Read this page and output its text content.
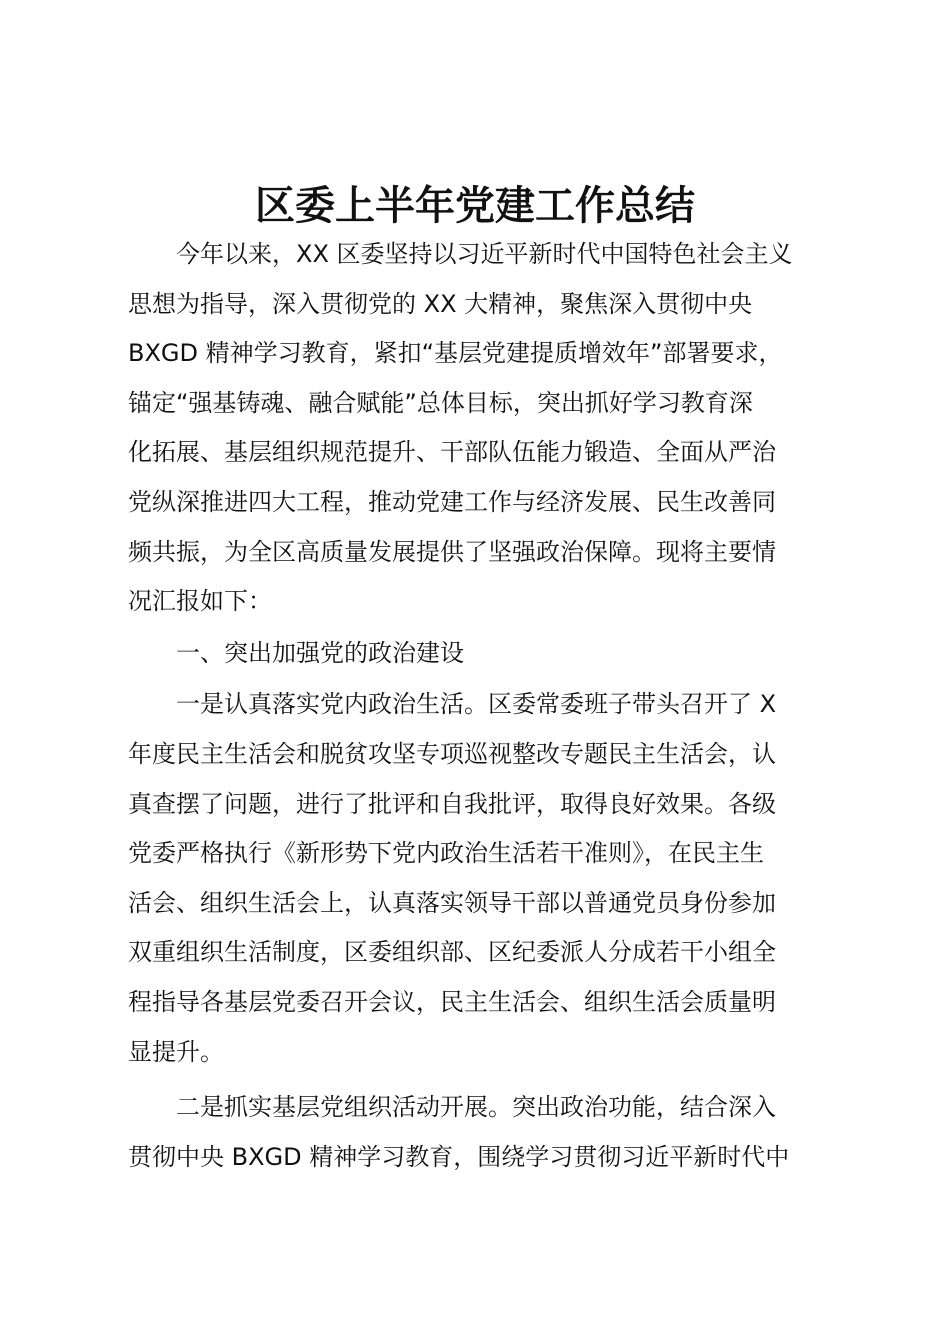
区委上半年党建工作总结

今年以来，XX 区委坚持以习近平新时代中国特色社会主义
思想为指导，深入贯彻党的 XX 大精神，聚焦深入贯彻中央
BXGD 精神学习教育，紧扣“基层党建提质增效年”部署要求，
锚定“强基铸魂、融合赋能”总体目标，突出抓好学习教育深
化拓展、基层组织规范提升、干部队伍能力锻造、全面从严治
党纵深推进四大工程，推动党建工作与经济发展、民生改善同
频共振，为全区高质量发展提供了坚强政治保障。现将主要情
况汇报如下：

一、突出加强党的政治建设

一是认真落实党内政治生活。区委常委班子带头召开了 X
年度民主生活会和脱贫攻坚专项巡视整改专题民主生活会，认
真查摆了问题，进行了批评和自我批评，取得良好效果。各级
党委严格执行《新形势下党内政治生活若干准则》，在民主生
活会、组织生活会上，认真落实领导干部以普通党员身份参加
双重组织生活制度，区委组织部、区纪委派人分成若干小组全
程指导各基层党委召开会议，民主生活会、组织生活会质量明
显提升。

二是抓实基层党组织活动开展。突出政治功能，结合深入
贯彻中央 BXGD 精神学习教育，围绕学习贯彻习近平新时代中
